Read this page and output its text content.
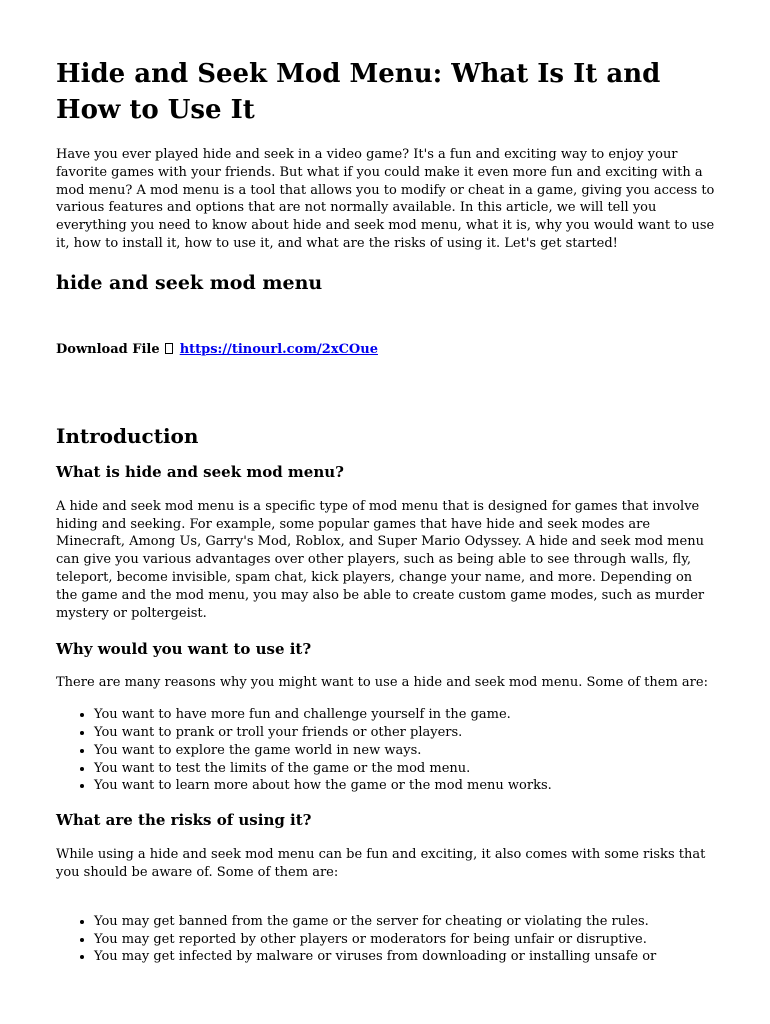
Hide and Seek Mod Menu: What Is It and How to Use It

Have you ever played hide and seek in a video game? It's a fun and exciting way to enjoy your favorite games with your friends. But what if you could make it even more fun and exciting with a mod menu? A mod menu is a tool that allows you to modify or cheat in a game, giving you access to various features and options that are not normally available. In this article, we will tell you everything you need to know about hide and seek mod menu, what it is, why you would want to use it, how to install it, how to use it, and what are the risks of using it. Let's get started!

hide and seek mod menu
Download File https://tinourl.com/2xCOue
Introduction
What is hide and seek mod menu?

A hide and seek mod menu is a specific type of mod menu that is designed for games that involve hiding and seeking. For example, some popular games that have hide and seek modes are Minecraft, Among Us, Garry's Mod, Roblox, and Super Mario Odyssey. A hide and seek mod menu can give you various advantages over other players, such as being able to see through walls, fly, teleport, become invisible, spam chat, kick players, change your name, and more. Depending on the game and the mod menu, you may also be able to create custom game modes, such as murder mystery or poltergeist.

Why would you want to use it?

There are many reasons why you might want to use a hide and seek mod menu. Some of them are:

• You want to have more fun and challenge yourself in the game.
• You want to prank or troll your friends or other players.
• You want to explore the game world in new ways.
• You want to test the limits of the game or the mod menu.
• You want to learn more about how the game or the mod menu works.
What are the risks of using it?

While using a hide and seek mod menu can be fun and exciting, it also comes with some risks that you should be aware of. Some of them are:

• You may get banned from the game or the server for cheating or violating the rules.
• You may get reported by other players or moderators for being unfair or disruptive.
• You may get infected by malware or viruses from downloading or installing unsafe or
